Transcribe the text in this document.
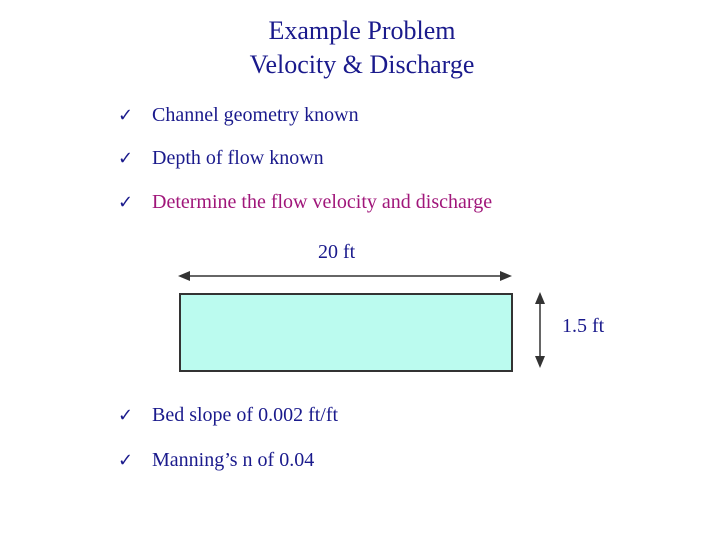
Example Problem
Velocity & Discharge
✓ Channel geometry known
✓ Depth of flow known
✓ Determine the flow velocity and discharge
20 ft
1.5 ft
✓ Bed slope of 0.002 ft/ft
✓ Manning’s n of 0.04
